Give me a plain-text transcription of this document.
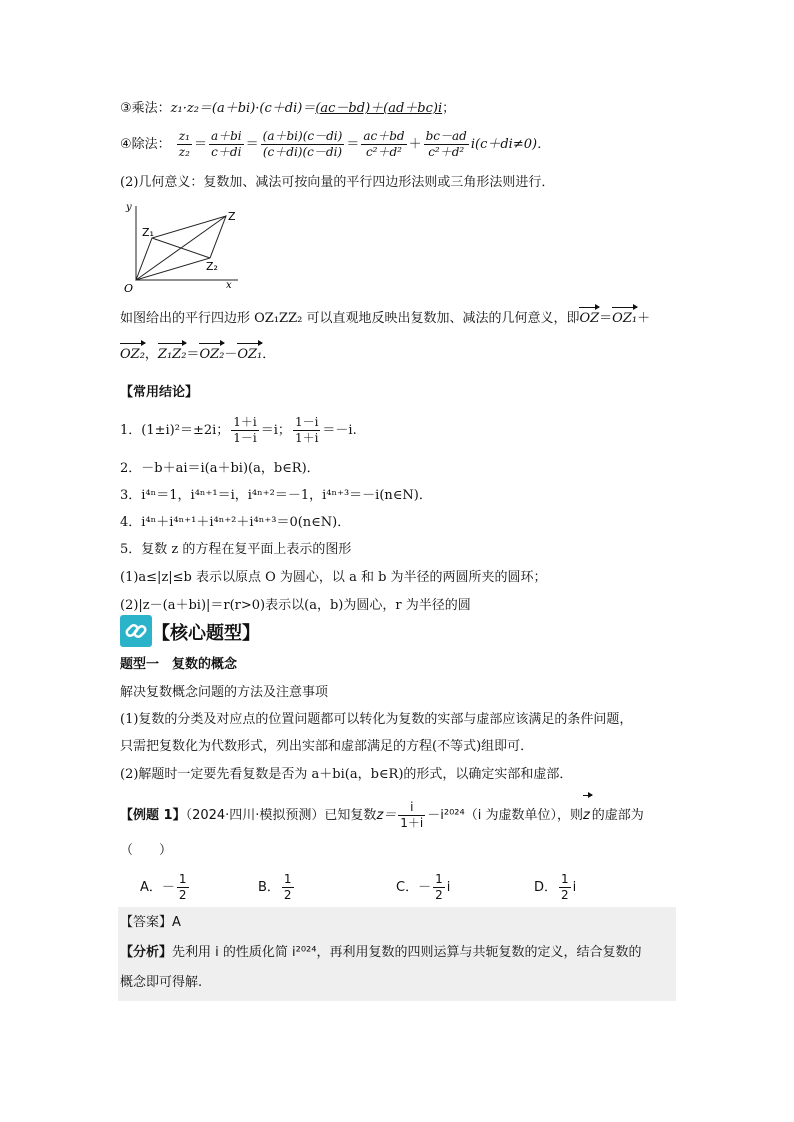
③乘法：z₁·z₂＝(a＋bi)·(c＋di)＝(ac－bd)＋(ad＋bc)i；
④除法： $\frac{\text{z₁}}{\text{z₂}} = \frac{a+bi}{c+di} = \frac{(a+bi)(c-di)}{(c+di)(c-di)} = \frac{ac+bd}{\text{c²＋d²}} + \frac{bc-ad}{\text{c²＋d²}} i(c+di\ne 0)$．
(2)几何意义：复数加、减法可按向量的平行四边形法则或三角形法则进行．
y
x
O
Z
Z₁
Z₂
如图给出的平行四边形 OZ₁ZZ₂ 可以直观地反映出复数加、减法的几何意义，即OZ＝OZ₁＋
OZ₂，Z₁Z₂＝OZ₂－OZ₁．
【常用结论】
1．(1±i)²＝±2i； $\frac{1+i}{1-i} =i$； $\frac{1-i}{1+i} =-i$.
2．－b＋ai＝i(a＋bi)(a，b∈R)．
3．i⁴ⁿ＝1，i⁴ⁿ⁺¹＝i，i⁴ⁿ⁺²＝－1，i⁴ⁿ⁺³＝－i(n∈N)．
4．i⁴ⁿ＋i⁴ⁿ⁺¹＋i⁴ⁿ⁺²＋i⁴ⁿ⁺³＝0(n∈N)．
5．复数 z 的方程在复平面上表示的图形
(1)a≤|z|≤b 表示以原点 O 为圆心，以 a 和 b 为半径的两圆所夹的圆环；
(2)|z－(a＋bi)|＝r(r>0)表示以(a，b)为圆心，r 为半径的圆
【核心题型】
题型一　复数的概念
解决复数概念问题的方法及注意事项
(1)复数的分类及对应点的位置问题都可以转化为复数的实部与虚部应该满足的条件问题，
只需把复数化为代数形式，列出实部和虚部满足的方程(不等式)组即可．
(2)解题时一定要先看复数是否为 a＋bi(a，b∈R)的形式，以确定实部和虚部．
【例题 1】（2024·四川·模拟预测）已知复数$z= \frac{i}{1+i} -i^{2024}(i$ 为虚数单位），则z 的虚部为
（　　）
A．－ $\frac{1}{2}$	B． $\frac{1}{2}$	C．－ $\frac{1}{2}$ i	D． $\frac{1}{2}$ i
【答案】A
【分析】先利用 i 的性质化简 i²⁰²⁴，再利用复数的四则运算与共轭复数的定义，结合复数的
概念即可得解.
